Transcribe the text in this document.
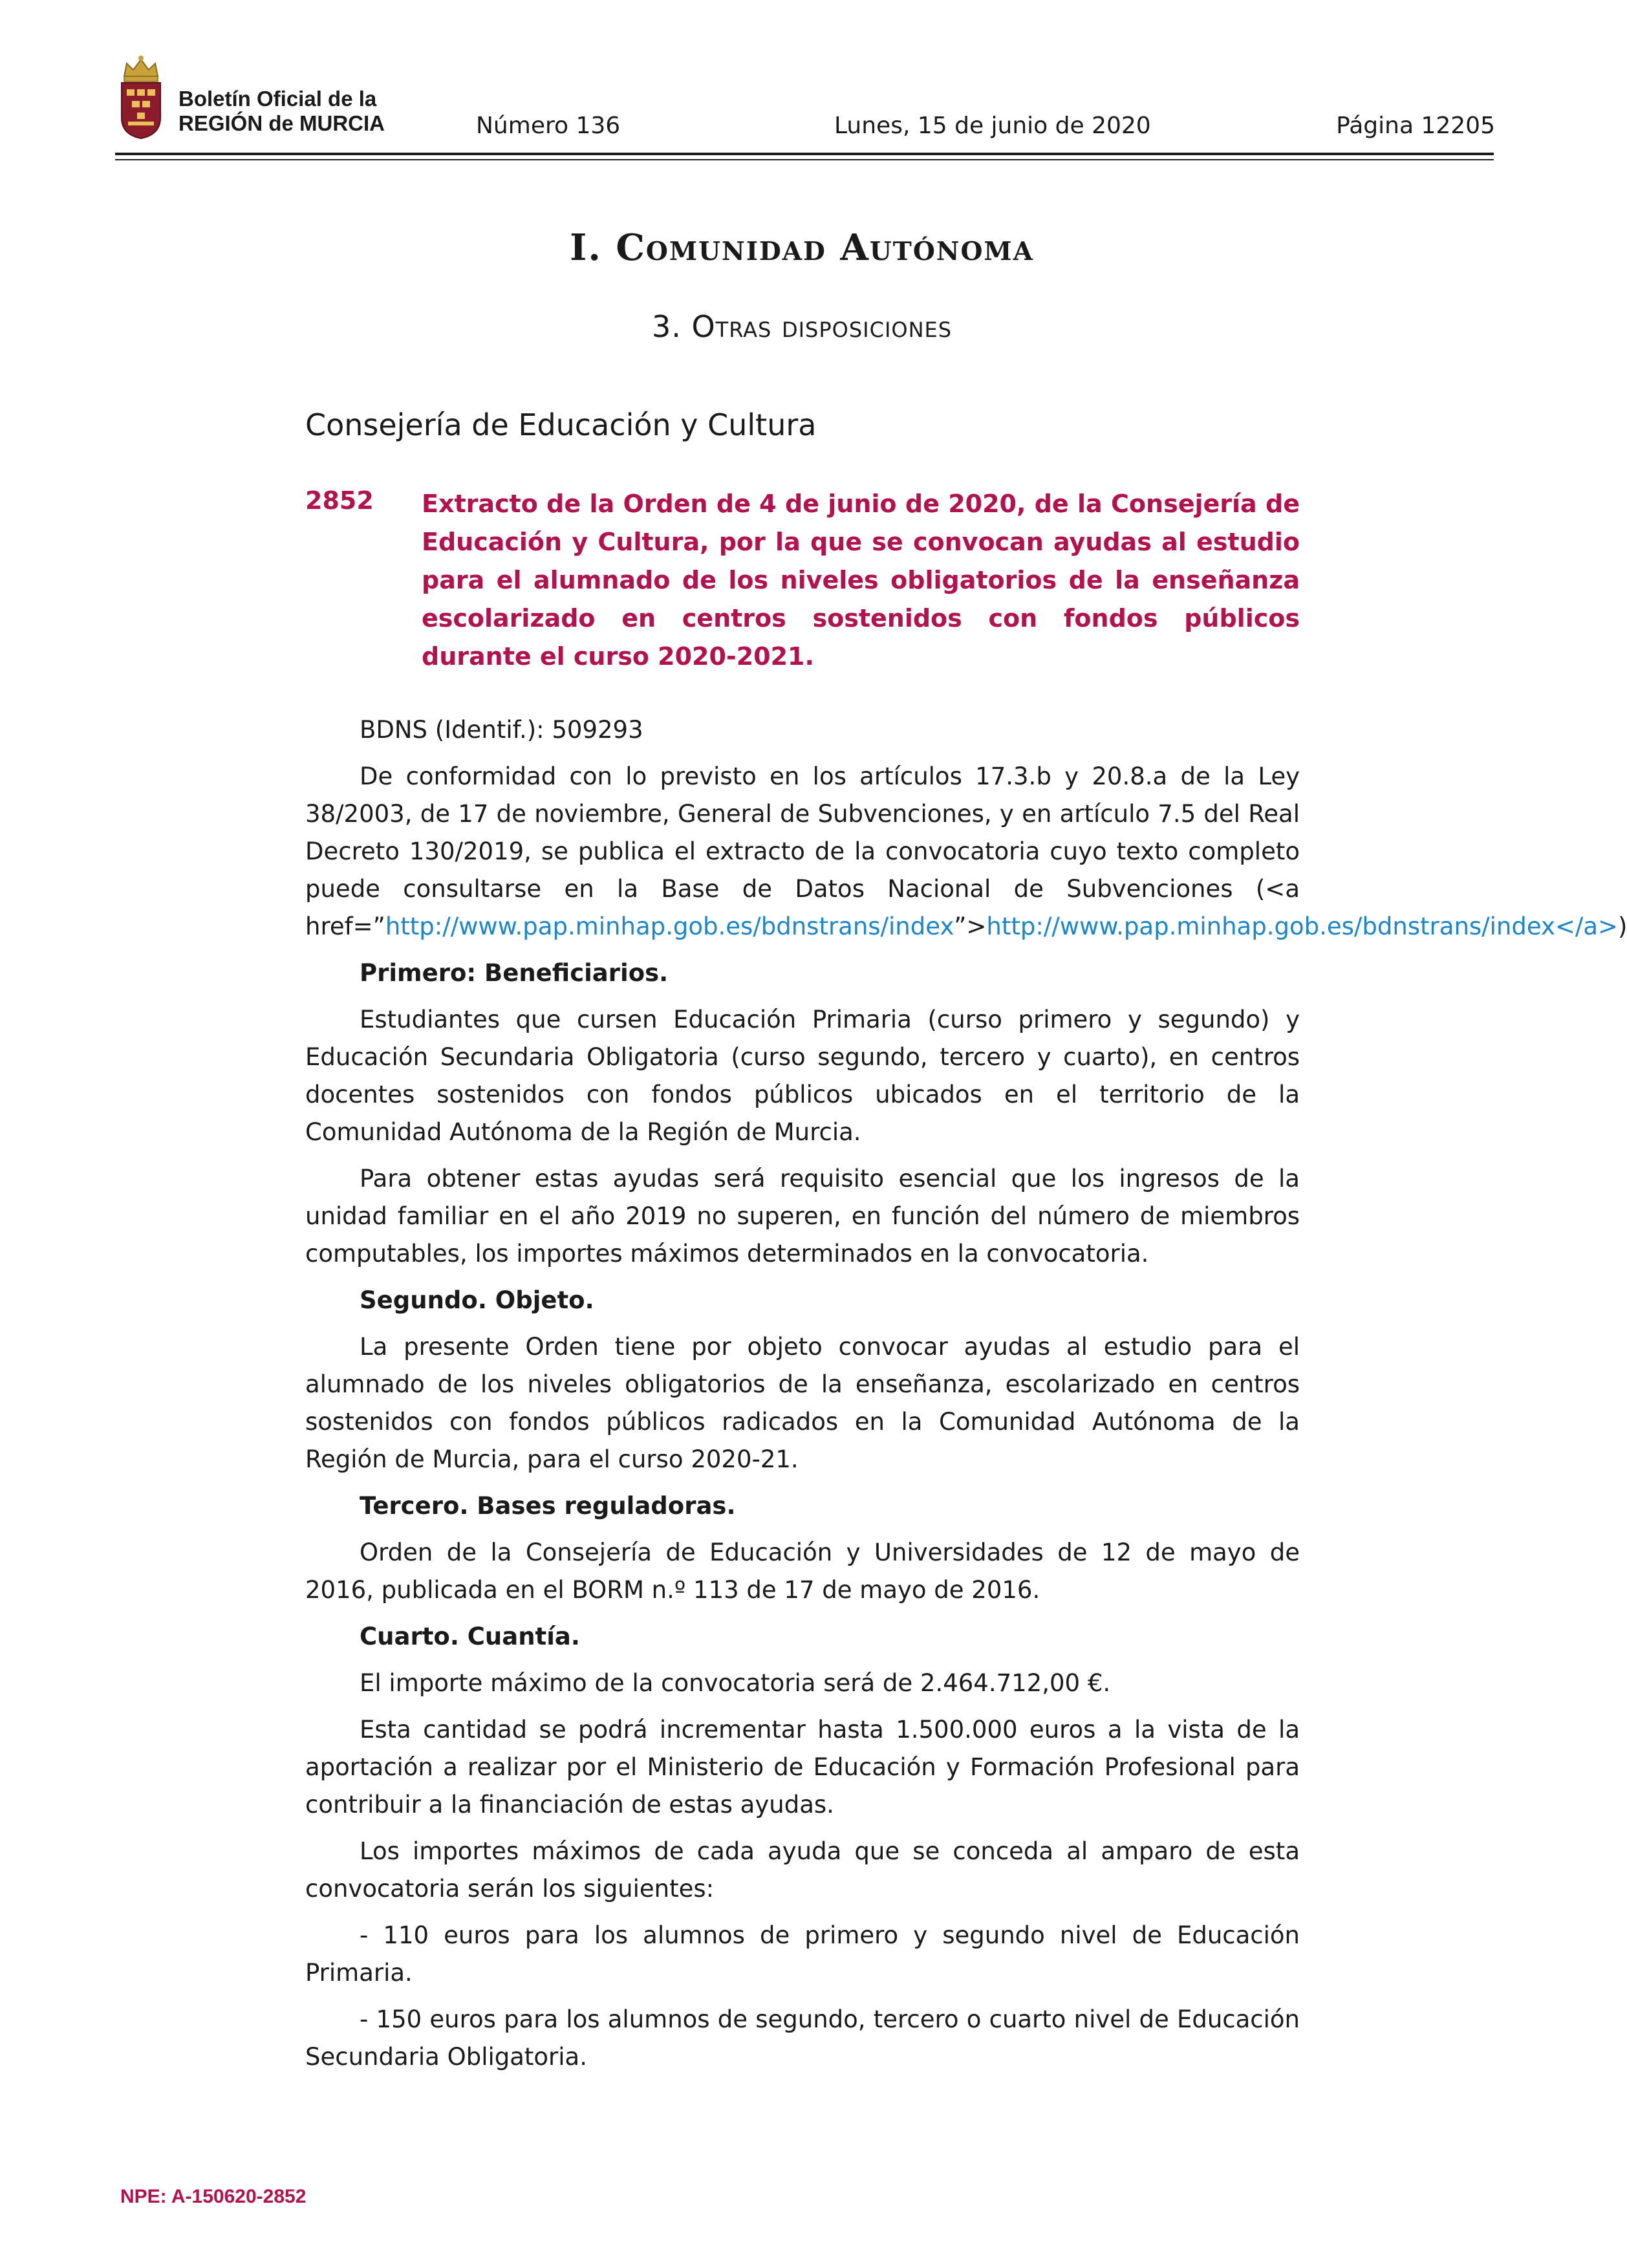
Boletín Oficial de la
REGIÓN de MURCIA	Número 136	Lunes, 15 de junio de 2020	Página 12205
I. Comunidad Autónoma
3. Otras disposiciones
Consejería de Educación y Cultura
2852 Extracto de la Orden de 4 de junio de 2020, de la Consejería de Educación y Cultura, por la que se convocan ayudas al estudio para el alumnado de los niveles obligatorios de la enseñanza escolarizado en centros sostenidos con fondos públicos durante el curso 2020-2021.

BDNS (Identif.): 509293

De conformidad con lo previsto en los artículos 17.3.b y 20.8.a de la Ley 38/2003, de 17 de noviembre, General de Subvenciones, y en artículo 7.5 del Real Decreto 130/2019, se publica el extracto de la convocatoria cuyo texto completo puede consultarse en la Base de Datos Nacional de Subvenciones (<a href=”http://www.pap.minhap.gob.es/bdnstrans/index”>http://www.pap.minhap.gob.es/bdnstrans/index</a>)

Primero: Beneficiarios.

Estudiantes que cursen Educación Primaria (curso primero y segundo) y Educación Secundaria Obligatoria (curso segundo, tercero y cuarto), en centros docentes sostenidos con fondos públicos ubicados en el territorio de la Comunidad Autónoma de la Región de Murcia.

Para obtener estas ayudas será requisito esencial que los ingresos de la unidad familiar en el año 2019 no superen, en función del número de miembros computables, los importes máximos determinados en la convocatoria.

Segundo. Objeto.

La presente Orden tiene por objeto convocar ayudas al estudio para el alumnado de los niveles obligatorios de la enseñanza, escolarizado en centros sostenidos con fondos públicos radicados en la Comunidad Autónoma de la Región de Murcia, para el curso 2020-21.

Tercero. Bases reguladoras.

Orden de la Consejería de Educación y Universidades de 12 de mayo de 2016, publicada en el BORM n.º 113 de 17 de mayo de 2016.

Cuarto. Cuantía.

El importe máximo de la convocatoria será de 2.464.712,00 €.

Esta cantidad se podrá incrementar hasta 1.500.000 euros a la vista de la aportación a realizar por el Ministerio de Educación y Formación Profesional para contribuir a la financiación de estas ayudas.

Los importes máximos de cada ayuda que se conceda al amparo de esta convocatoria serán los siguientes:

- 110 euros para los alumnos de primero y segundo nivel de Educación Primaria.

- 150 euros para los alumnos de segundo, tercero o cuarto nivel de Educación Secundaria Obligatoria.

NPE: A-150620-2852
